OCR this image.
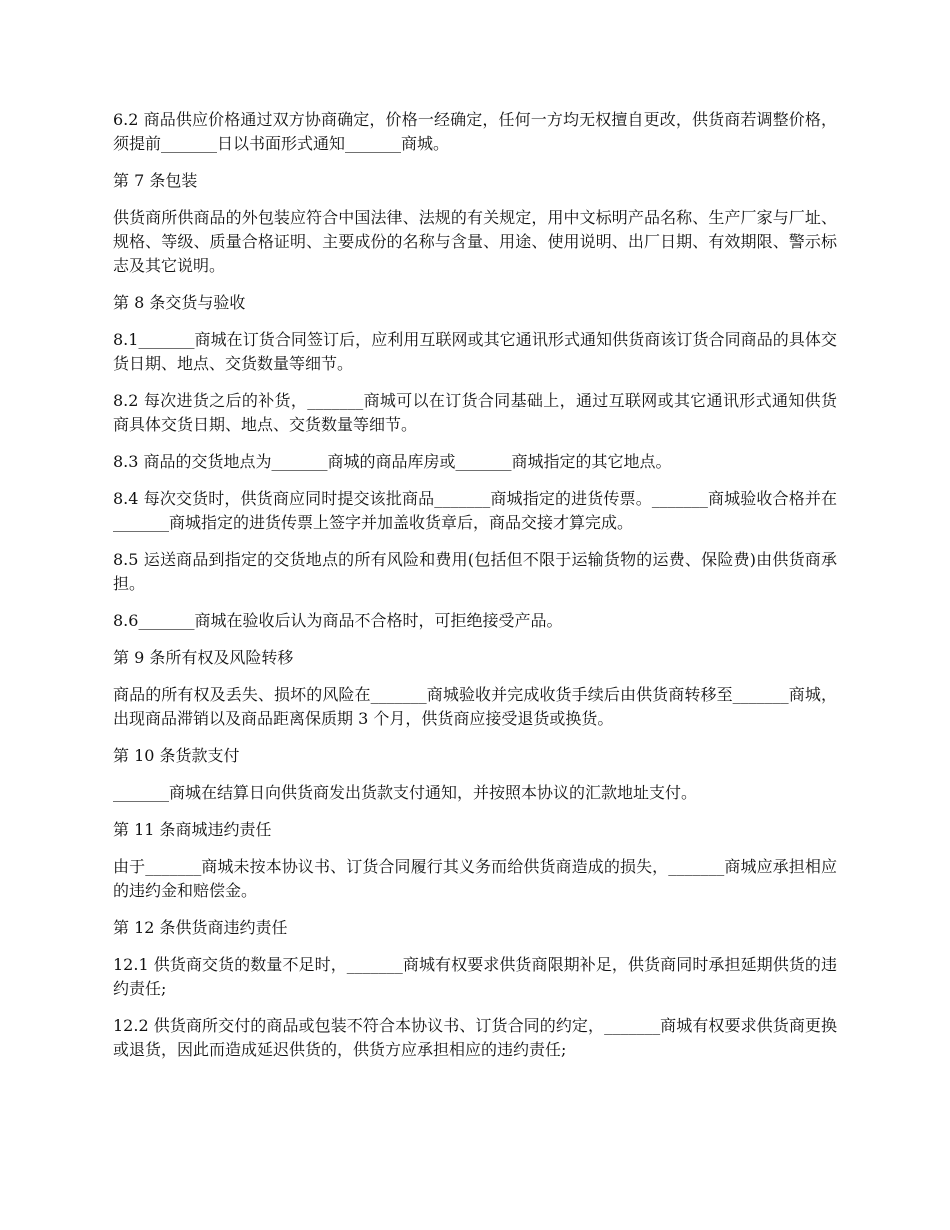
6.2 商品供应价格通过双方协商确定，价格一经确定，任何一方均无权擅自更改，供货商若调整价格，须提前_______日以书面形式通知_______商城。

第 7 条包装

供货商所供商品的外包装应符合中国法律、法规的有关规定，用中文标明产品名称、生产厂家与厂址、规格、等级、质量合格证明、主要成份的名称与含量、用途、使用说明、出厂日期、有效期限、警示标志及其它说明。

第 8 条交货与验收

8.1_______商城在订货合同签订后，应利用互联网或其它通讯形式通知供货商该订货合同商品的具体交货日期、地点、交货数量等细节。

8.2 每次进货之后的补货，_______商城可以在订货合同基础上，通过互联网或其它通讯形式通知供货商具体交货日期、地点、交货数量等细节。

8.3 商品的交货地点为_______商城的商品库房或_______商城指定的其它地点。

8.4 每次交货时，供货商应同时提交该批商品_______商城指定的进货传票。_______商城验收合格并在_______商城指定的进货传票上签字并加盖收货章后，商品交接才算完成。

8.5 运送商品到指定的交货地点的所有风险和费用(包括但不限于运输货物的运费、保险费)由供货商承担。

8.6_______商城在验收后认为商品不合格时，可拒绝接受产品。

第 9 条所有权及风险转移

商品的所有权及丢失、损坏的风险在_______商城验收并完成收货手续后由供货商转移至_______商城，出现商品滞销以及商品距离保质期 3 个月，供货商应接受退货或换货。

第 10 条货款支付

_______商城在结算日向供货商发出货款支付通知，并按照本协议的汇款地址支付。

第 11 条商城违约责任

由于_______商城未按本协议书、订货合同履行其义务而给供货商造成的损失，_______商城应承担相应的违约金和赔偿金。

第 12 条供货商违约责任

12.1 供货商交货的数量不足时，_______商城有权要求供货商限期补足，供货商同时承担延期供货的违约责任;

12.2 供货商所交付的商品或包装不符合本协议书、订货合同的约定，_______商城有权要求供货商更换或退货，因此而造成延迟供货的，供货方应承担相应的违约责任;
